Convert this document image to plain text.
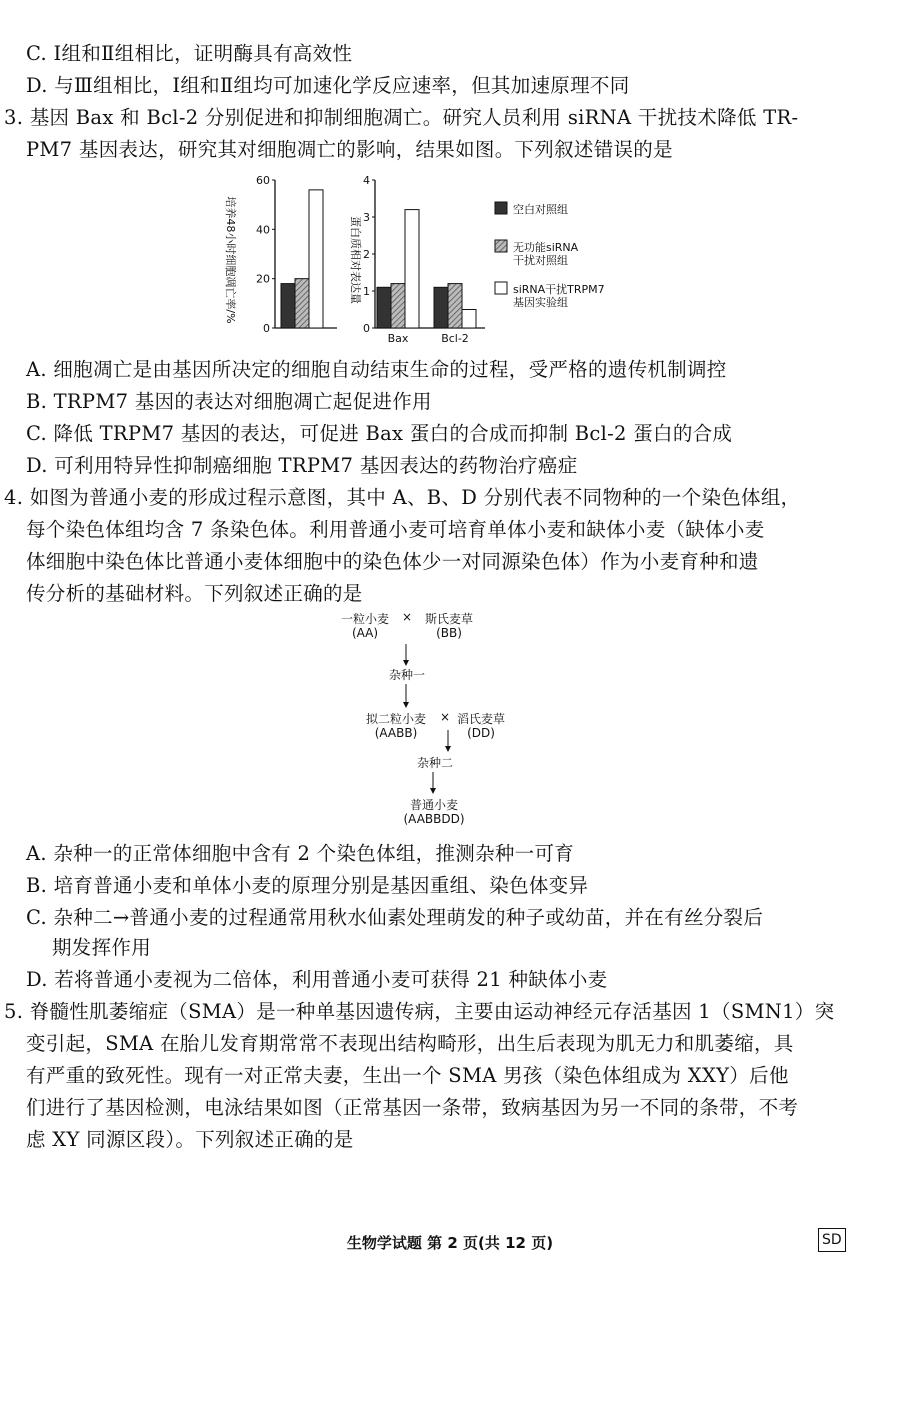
C. Ⅰ组和Ⅱ组相比，证明酶具有高效性
D. 与Ⅲ组相比，Ⅰ组和Ⅱ组均可加速化学反应速率，但其加速原理不同
3. 基因 Bax 和 Bcl-2 分别促进和抑制细胞凋亡。研究人员利用 siRNA 干扰技术降低 TR-
PM7 基因表达，研究其对细胞凋亡的影响，结果如图。下列叙述错误的是
培养48小时细胞凋亡率/%
0
20
40
60
蛋白质相对表达量
0
1
2
3
4
Bax	Bcl-2
空白对照组
无功能siRNA
干扰对照组
siRNA干扰TRPM7
基因实验组
A. 细胞凋亡是由基因所决定的细胞自动结束生命的过程，受严格的遗传机制调控
B. TRPM7 基因的表达对细胞凋亡起促进作用
C. 降低 TRPM7 基因的表达，可促进 Bax 蛋白的合成而抑制 Bcl-2 蛋白的合成
D. 可利用特异性抑制癌细胞 TRPM7 基因表达的药物治疗癌症
4. 如图为普通小麦的形成过程示意图，其中 A、B、D 分别代表不同物种的一个染色体组，
每个染色体组均含 7 条染色体。利用普通小麦可培育单体小麦和缺体小麦（缺体小麦
体细胞中染色体比普通小麦体细胞中的染色体少一对同源染色体）作为小麦育种和遗
传分析的基础材料。下列叙述正确的是
一粒小麦
(AA)
×	斯氏麦草
(BB)
杂种一
拟二粒小麦
(AABB)
× 滔氏麦草
(DD)
杂种二
普通小麦
(AABBDD)
A. 杂种一的正常体细胞中含有 2 个染色体组，推测杂种一可育
B. 培育普通小麦和单体小麦的原理分别是基因重组、染色体变异
C. 杂种二→普通小麦的过程通常用秋水仙素处理萌发的种子或幼苗，并在有丝分裂后
期发挥作用
D. 若将普通小麦视为二倍体，利用普通小麦可获得 21 种缺体小麦
5. 脊髓性肌萎缩症（SMA）是一种单基因遗传病，主要由运动神经元存活基因 1（SMN1）突
变引起，SMA 在胎儿发育期常常不表现出结构畸形，出生后表现为肌无力和肌萎缩，具
有严重的致死性。现有一对正常夫妻，生出一个 SMA 男孩（染色体组成为 XXY）后他
们进行了基因检测，电泳结果如图（正常基因一条带，致病基因为另一不同的条带，不考
虑 XY 同源区段）。下列叙述正确的是
生物学试题 第 2 页(共 12 页)	SD
